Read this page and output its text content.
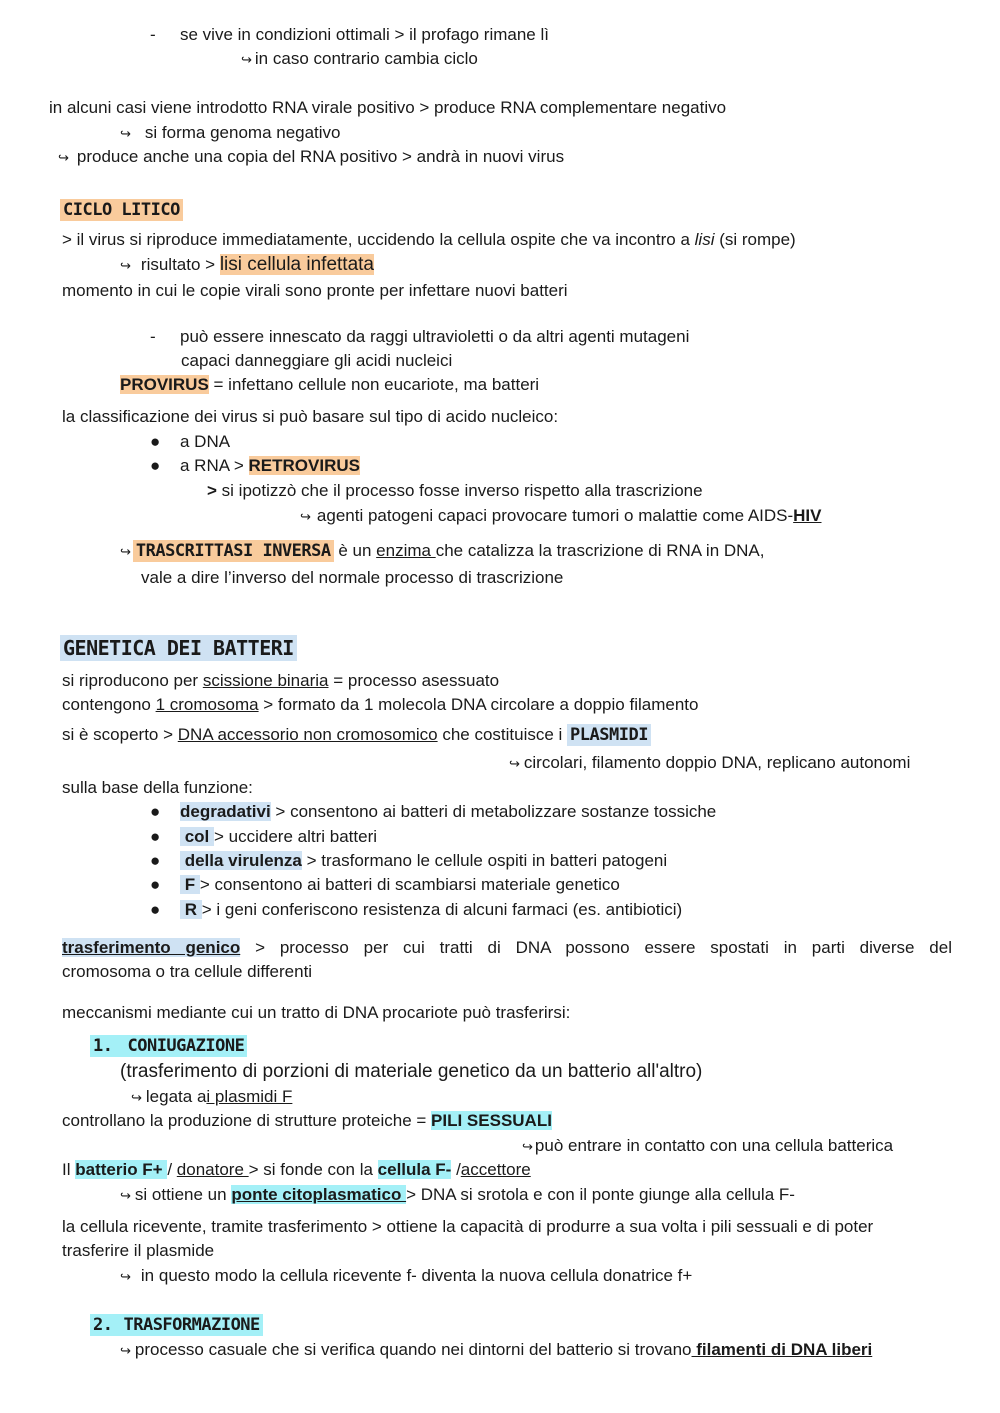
- se vive in condizioni ottimali > il profago rimane lì
↪ in caso contrario cambia ciclo
in alcuni casi viene introdotto RNA virale positivo > produce RNA complementare negativo
↪ si forma genoma negativo
↪ produce anche una copia del RNA positivo > andrà in nuovi virus
CICLO LITICO
> il virus si riproduce immediatamente, uccidendo la cellula ospite che va incontro a lisi (si rompe)
↪ risultato > lisi cellula infettata
momento in cui le copie virali sono pronte per infettare nuovi batteri
- può essere innescato da raggi ultravioletti o da altri agenti mutageni
capaci danneggiare gli acidi nucleici
PROVIRUS = infettano cellule non eucariote, ma batteri
la classificazione dei virus si può basare sul tipo di acido nucleico:
● a DNA
● a RNA > RETROVIRUS
> si ipotizzò che il processo fosse inverso rispetto alla trascrizione
↪ agenti patogeni capaci provocare tumori o malattie come AIDS-HIV
↪ TRASCRITTASI INVERSA è un enzima che catalizza la trascrizione di RNA in DNA,
vale a dire l’inverso del normale processo di trascrizione
GENETICA DEI BATTERI
si riproducono per scissione binaria = processo asessuato
contengono 1 cromosoma > formato da 1 molecola DNA circolare a doppio filamento
si è scoperto > DNA accessorio non cromosomico che costituisce i PLASMIDI
↪ circolari, filamento doppio DNA, replicano autonomi
sulla base della funzione:
● degradativi > consentono ai batteri di metabolizzare sostanze tossiche
● col > uccidere altri batteri
● della virulenza > trasformano le cellule ospiti in batteri patogeni
● F > consentono ai batteri di scambiarsi materiale genetico
● R > i geni conferiscono resistenza di alcuni farmaci (es. antibiotici)
trasferimento genico > processo per cui tratti di DNA possono essere spostati in parti diverse del
cromosoma o tra cellule differenti
meccanismi mediante cui un tratto di DNA procariote può trasferirsi:
1. CONIUGAZIONE
(trasferimento di porzioni di materiale genetico da un batterio all'altro)
↪ legata ai plasmidi F
controllano la produzione di strutture proteiche = PILI SESSUALI
↪ può entrare in contatto con una cellula batterica
Il batterio F+ / donatore > si fonde con la cellula F- /accettore
↪ si ottiene un ponte citoplasmatico > DNA si srotola e con il ponte giunge alla cellula F-
la cellula ricevente, tramite trasferimento > ottiene la capacità di produrre a sua volta i pili sessuali e di poter
trasferire il plasmide
↪ in questo modo la cellula ricevente f- diventa la nuova cellula donatrice f+
2. TRASFORMAZIONE
↪ processo casuale che si verifica quando nei dintorni del batterio si trovano filamenti di DNA liberi
